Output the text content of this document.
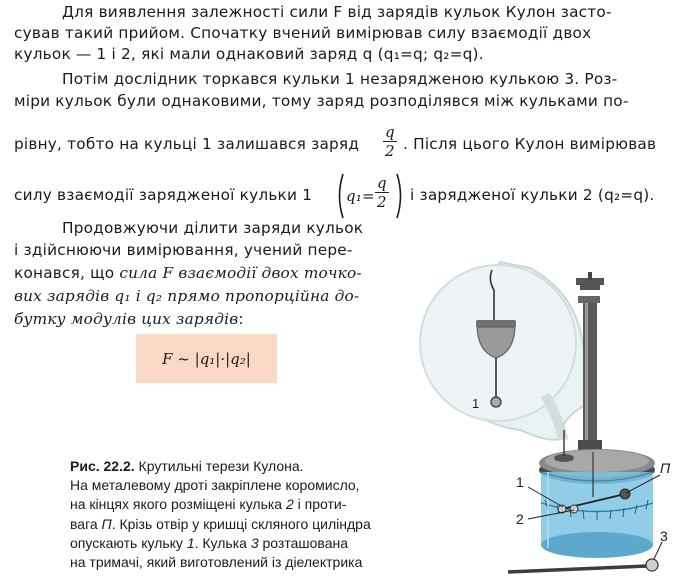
Для виявлення залежності сили F від зарядів кульок Кулон засто-
сував такий прийом. Спочатку вчений вимірював силу взаємодії двох
кульок — 1 і 2, які мали однаковий заряд q (q₁=q; q₂=q).
Потім дослідник торкався кульки 1 незарядженою кулькою 3. Роз-
міри кульок були однаковими, тому заряд розподілявся між кульками по-
рівну, тобто на кульці 1 залишався заряд $\frac{q}{2}$ . Після цього Кулон вимірював
силу взаємодії зарядженої кульки 1 $q_1= \frac{q}{2}$ і зарядженої кульки 2 (q₂=q).
Продовжуючи ділити заряди кульок
і здійснюючи вимірювання, учений пере-
конався, що сила F взаємодії двох точко-
вих зарядів q₁ і q₂ прямо пропорційна до-
бутку модулів цих зарядів:
F ~ |q₁|·|q₂|
1
1
2
П
3
Рис. 22.2. Крутильні терези Кулона.
На металевому дроті закріплене коромисло,
на кінцях якого розміщені кулька 2 і проти-
вага П. Крізь отвір у кришці скляного циліндра
опускають кульку 1. Кулька 3 розташована
на тримачі, який виготовлений із діелектрика
